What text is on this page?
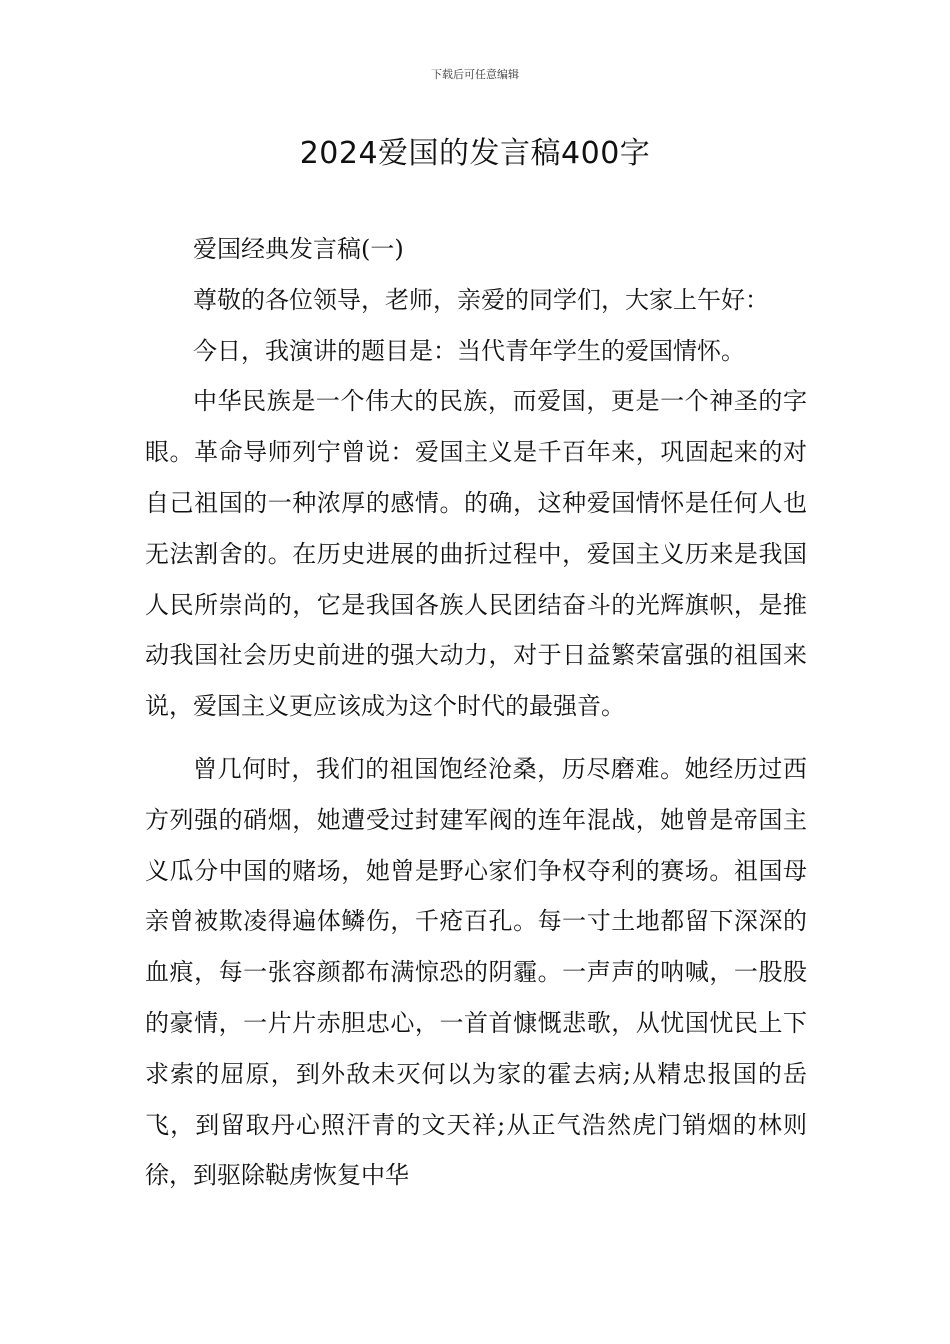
下载后可任意编辑
2024爱国的发言稿400字

爱国经典发言稿(一)

尊敬的各位领导，老师，亲爱的同学们，大家上午好：

今日，我演讲的题目是：当代青年学生的爱国情怀。

中华民族是一个伟大的民族，而爱国，更是一个神圣的字眼。革命导师列宁曾说：爱国主义是千百年来，巩固起来的对自己祖国的一种浓厚的感情。的确，这种爱国情怀是任何人也无法割舍的。在历史进展的曲折过程中，爱国主义历来是我国人民所崇尚的，它是我国各族人民团结奋斗的光辉旗帜，是推动我国社会历史前进的强大动力，对于日益繁荣富强的祖国来说，爱国主义更应该成为这个时代的最强音。

曾几何时，我们的祖国饱经沧桑，历尽磨难。她经历过西方列强的硝烟，她遭受过封建军阀的连年混战，她曾是帝国主义瓜分中国的赌场，她曾是野心家们争权夺利的赛场。祖国母亲曾被欺凌得遍体鳞伤，千疮百孔。每一寸土地都留下深深的血痕，每一张容颜都布满惊恐的阴霾。一声声的呐喊，一股股的豪情，一片片赤胆忠心，一首首慷慨悲歌，从忧国忧民上下求索的屈原，到外敌未灭何以为家的霍去病;从精忠报国的岳飞，到留取丹心照汗青的文天祥;从正气浩然虎门销烟的林则徐，到驱除鞑虏恢复中华
